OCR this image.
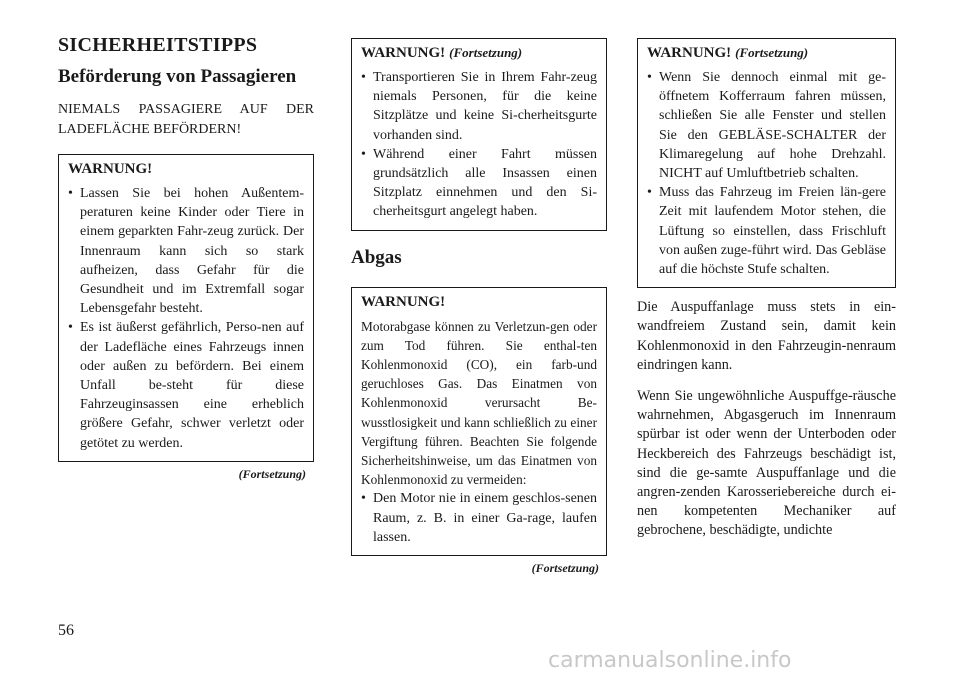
SICHERHEITSTIPPS
Beförderung von Passagieren
NIEMALS PASSAGIERE AUF DER LADEFLÄCHE BEFÖRDERN!
WARNUNG!
• Lassen Sie bei hohen Außentem-peraturen keine Kinder oder Tiere in einem geparkten Fahr-zeug zurück. Der Innenraum kann sich so stark aufheizen, dass Gefahr für die Gesundheit und im Extremfall sogar Lebensgefahr besteht.
• Es ist äußerst gefährlich, Perso-nen auf der Ladefläche eines Fahrzeugs innen oder außen zu befördern. Bei einem Unfall be-steht für diese Fahrzeuginsassen eine erheblich größere Gefahr, schwer verletzt oder getötet zu werden.
(Fortsetzung)
WARNUNG! (Fortsetzung)
• Transportieren Sie in Ihrem Fahr-zeug niemals Personen, für die keine Sitzplätze und keine Si-cherheitsgurte vorhanden sind.
• Während einer Fahrt müssen grundsätzlich alle Insassen einen Sitzplatz einnehmen und den Si-cherheitsgurt angelegt haben.
Abgas
WARNUNG!

Motorabgase können zu Verletzun-gen oder zum Tod führen. Sie enthal-ten Kohlenmonoxid (CO), ein farb-und geruchloses Gas. Das Einatmen von Kohlenmonoxid verursacht Be-wusstlosigkeit und kann schließlich zu einer Vergiftung führen. Beachten Sie folgende Sicherheitshinweise, um das Einatmen von Kohlenmonoxid zu vermeiden:

• Den Motor nie in einem geschlos-senen Raum, z. B. in einer Ga-rage, laufen lassen.
(Fortsetzung)
WARNUNG! (Fortsetzung)
• Wenn Sie dennoch einmal mit ge-öffnetem Kofferraum fahren müssen, schließen Sie alle Fenster und stellen Sie den GEBLÄSE-SCHALTER der Klimaregelung auf hohe Drehzahl. NICHT auf Umluftbetrieb schalten.
• Muss das Fahrzeug im Freien län-gere Zeit mit laufendem Motor stehen, die Lüftung so einstellen, dass Frischluft von außen zuge-führt wird. Das Gebläse auf die höchste Stufe schalten.

Die Auspuffanlage muss stets in ein-wandfreiem Zustand sein, damit kein Kohlenmonoxid in den Fahrzeugin-nenraum eindringen kann.

Wenn Sie ungewöhnliche Auspuffge-räusche wahrnehmen, Abgasgeruch im Innenraum spürbar ist oder wenn der Unterboden oder Heckbereich des Fahrzeugs beschädigt ist, sind die ge-samte Auspuffanlage und die angren-zenden Karosseriebereiche durch ei-nen kompetenten Mechaniker auf gebrochene, beschädigte, undichte

56
carmanualsonline.info
